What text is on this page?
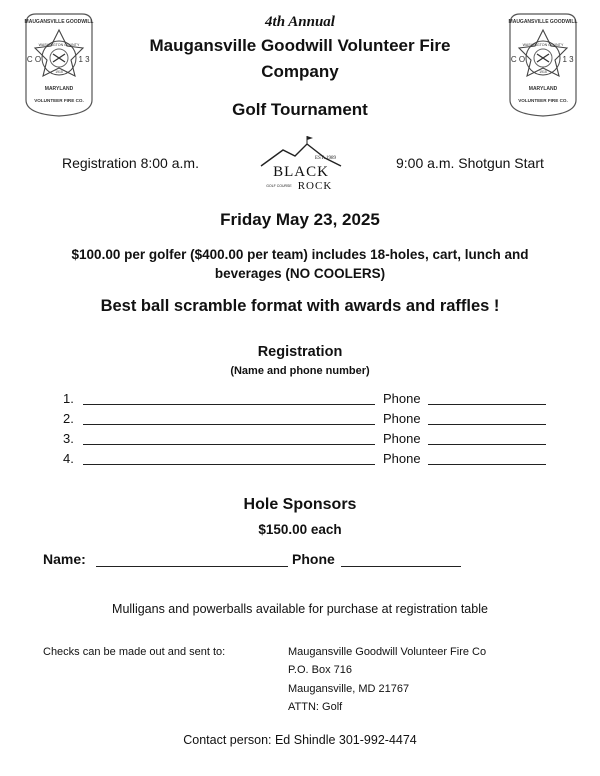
MAUGANSVILLE GOODWILL
WASHINGTON COUNTY
1915
C O	1 3
MARYLAND
VOLUNTEER FIRE CO.
MAUGANSVILLE GOODWILL
WASHINGTON COUNTY
1915
C O	1 3
MARYLAND
VOLUNTEER FIRE CO.
4th Annual
Maugansville Goodwill Volunteer Fire
Company
Golf Tournament
Registration 8:00 a.m.	EST. 1989
BLACK
ROCK
GOLF COURSE
9:00 a.m. Shotgun Start
Friday May 23, 2025
$100.00 per golfer ($400.00 per team) includes 18-holes, cart, lunch and beverages (NO COOLERS)
Best ball scramble format with awards and raffles !
Registration
(Name and phone number)
1.	Phone
2.	Phone
3.	Phone
4.	Phone
Hole Sponsors
$150.00 each
Name:	Phone
Mulligans and powerballs available for purchase at registration table
Checks can be made out and sent to:	Maugansville Goodwill Volunteer Fire Co
P.O. Box 716
Maugansville, MD 21767
ATTN: Golf
Contact person: Ed Shindle 301-992-4474
